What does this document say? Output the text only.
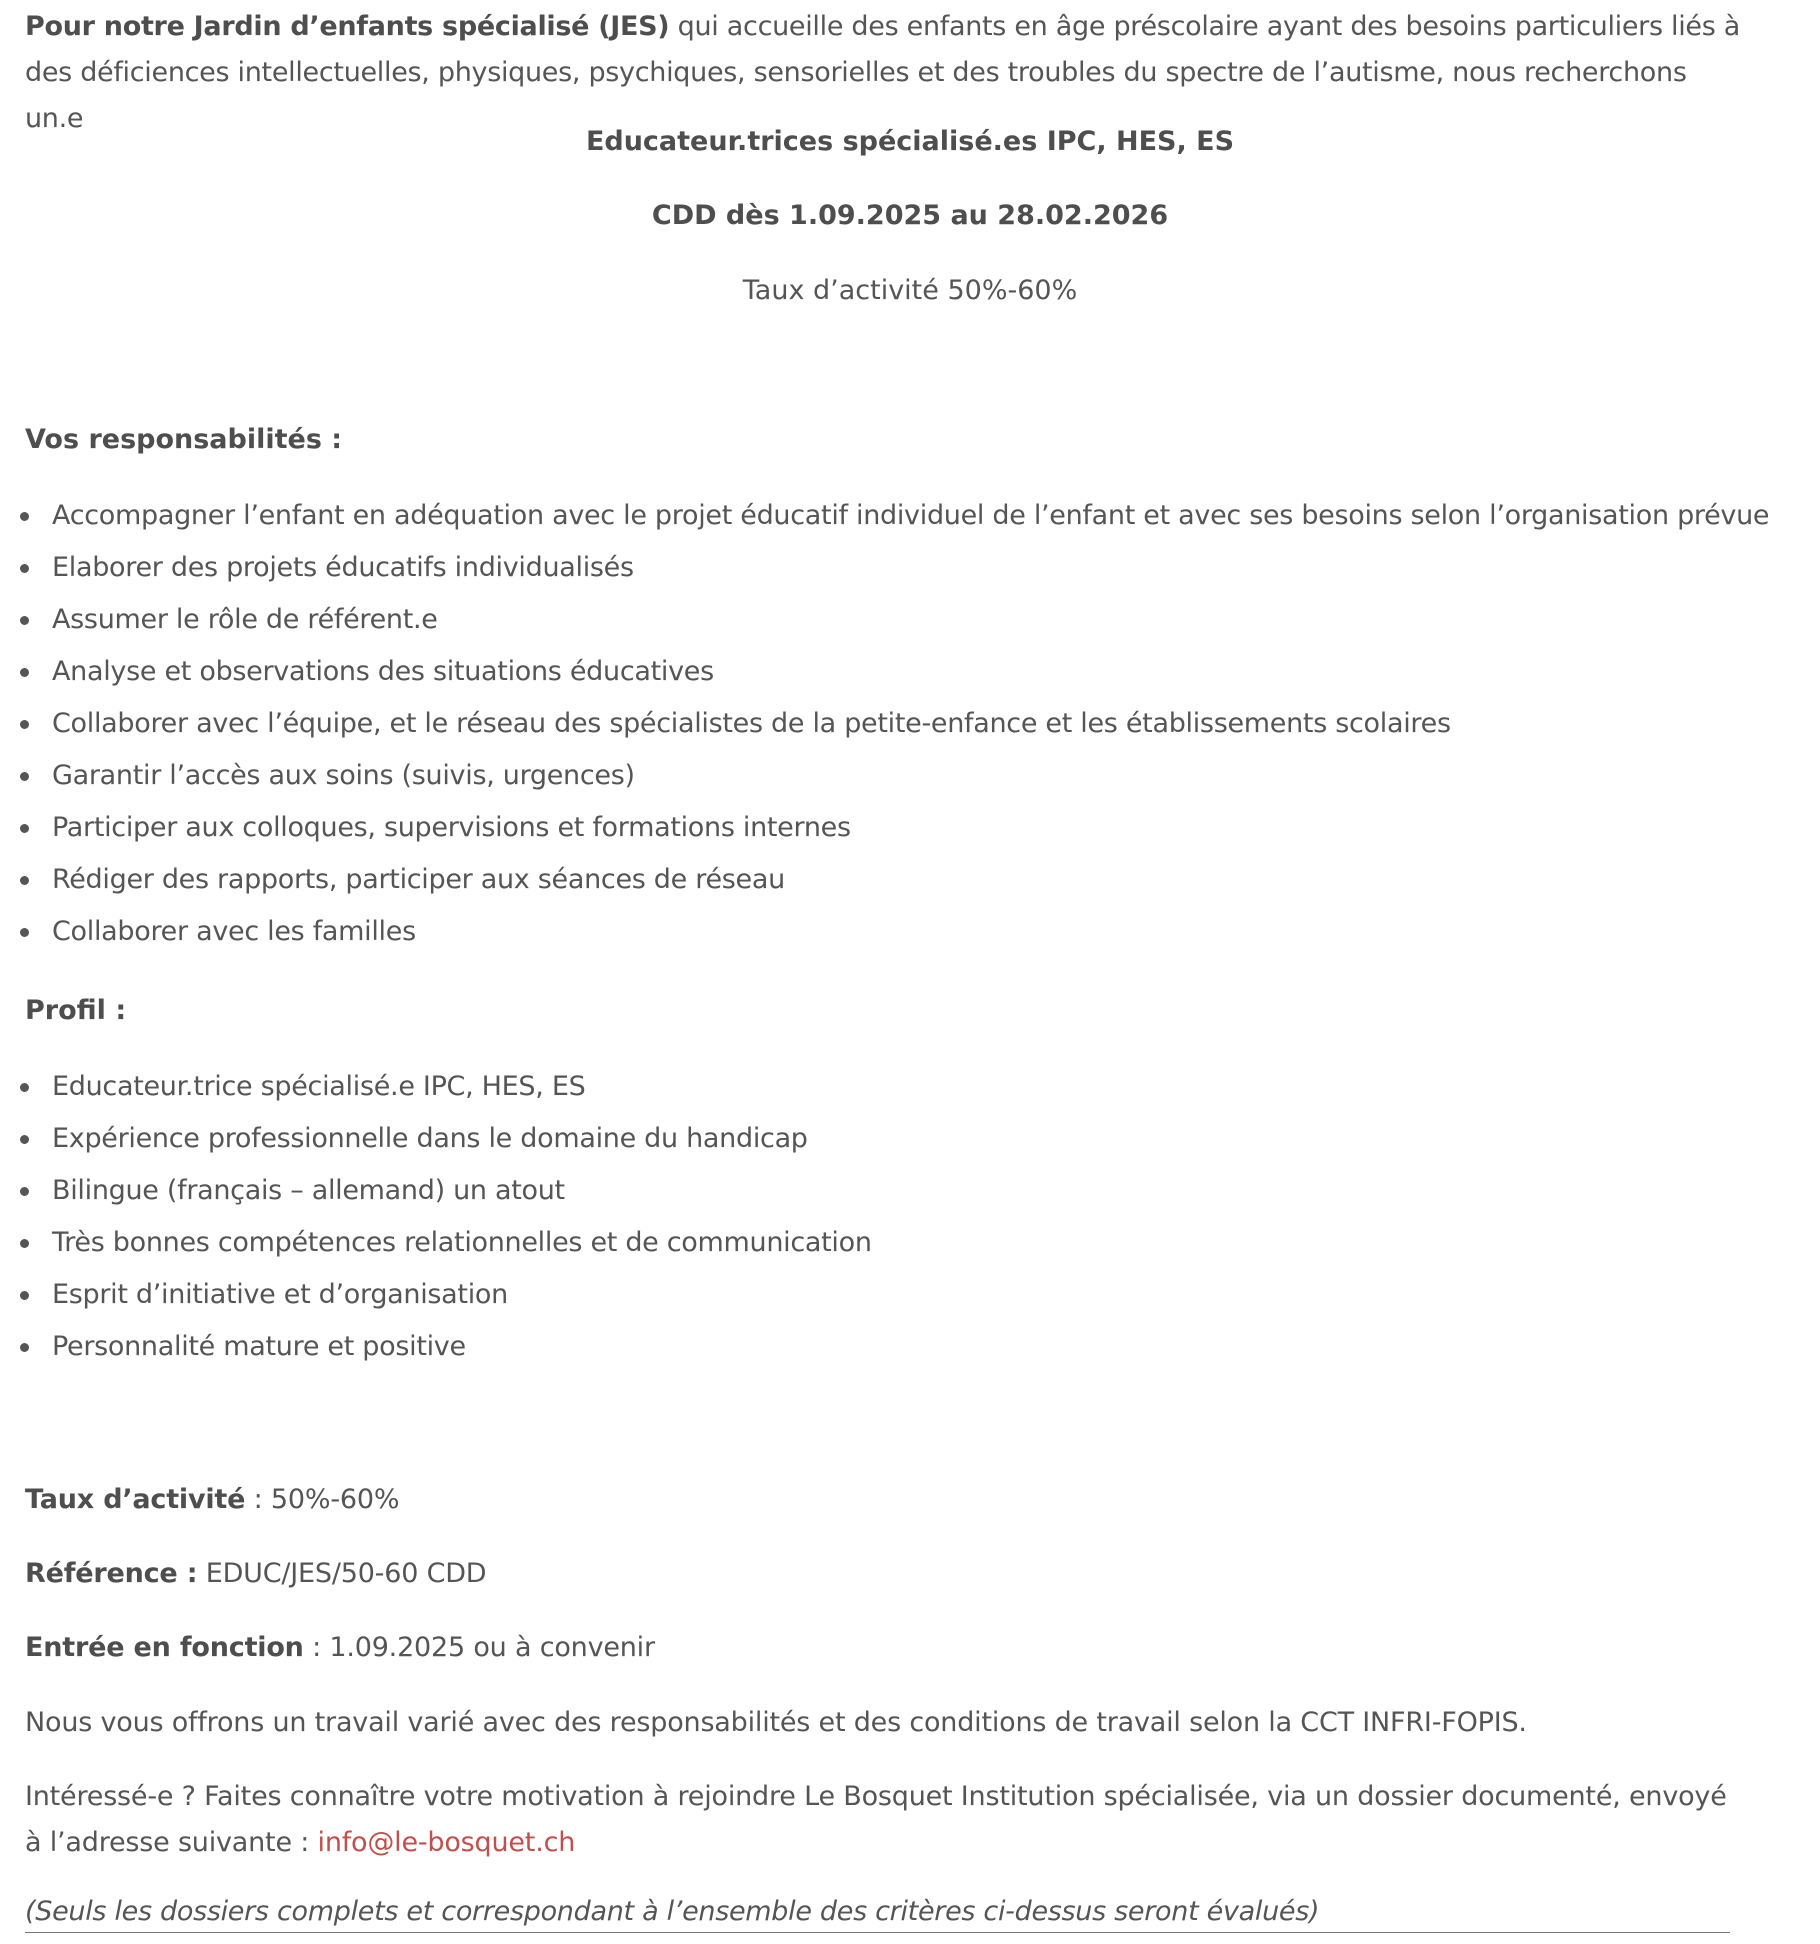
Pour notre Jardin d’enfants spécialisé (JES) qui accueille des enfants en âge préscolaire ayant des besoins particuliers liés à des déficiences intellectuelles, physiques, psychiques, sensorielles et des troubles du spectre de l’autisme, nous recherchons un.e

Educateur.trices spécialisé.es IPC, HES, ES

CDD dès 1.09.2025 au 28.02.2026

Taux d’activité 50%-60%

Vos responsabilités :

Accompagner l’enfant en adéquation avec le projet éducatif individuel de l’enfant et avec ses besoins selon l’organisation prévue
Elaborer des projets éducatifs individualisés
Assumer le rôle de référent.e
Analyse et observations des situations éducatives
Collaborer avec l’équipe, et le réseau des spécialistes de la petite-enfance et les établissements scolaires
Garantir l’accès aux soins (suivis, urgences)
Participer aux colloques, supervisions et formations internes
Rédiger des rapports, participer aux séances de réseau
Collaborer avec les familles

Profil :

Educateur.trice spécialisé.e IPC, HES, ES
Expérience professionnelle dans le domaine du handicap
Bilingue (français – allemand) un atout
Très bonnes compétences relationnelles et de communication
Esprit d’initiative et d’organisation
Personnalité mature et positive

Taux d’activité : 50%-60%

Référence : EDUC/JES/50-60 CDD

Entrée en fonction : 1.09.2025 ou à convenir

Nous vous offrons un travail varié avec des responsabilités et des conditions de travail selon la CCT INFRI-FOPIS.

Intéressé-e ? Faites connaître votre motivation à rejoindre Le Bosquet Institution spécialisée, via un dossier documenté, envoyé à l’adresse suivante : info@le-bosquet.ch

(Seuls les dossiers complets et correspondant à l’ensemble des critères ci-dessus seront évalués)
